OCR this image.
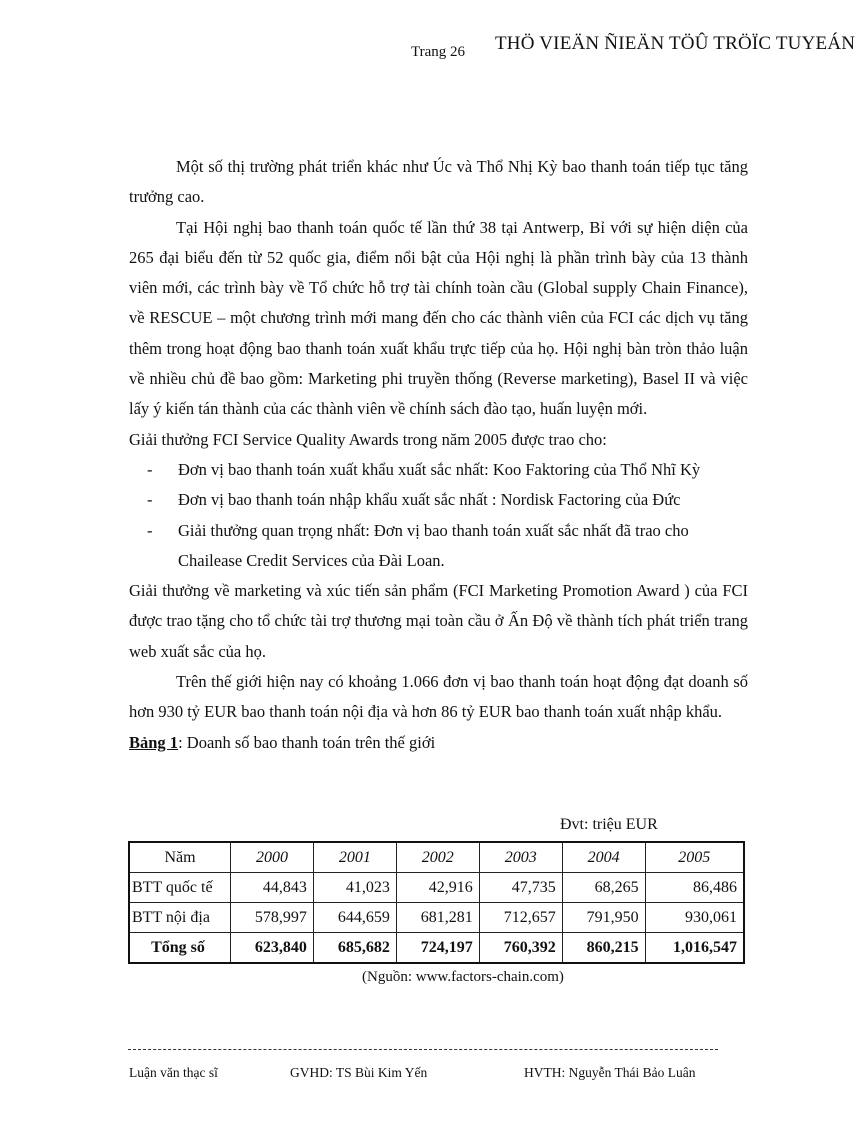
Trang 26 THÖ VIEÄN ÑIEÄN TÖÛ TRÖÏC TUYEÁN

Một số thị trường phát triển khác như Úc và Thổ Nhị Kỳ bao thanh toán tiếp tục tăng trưởng cao.

Tại Hội nghị bao thanh toán quốc tế lần thứ 38 tại Antwerp, Bỉ với sự hiện diện của 265 đại biểu đến từ 52 quốc gia, điểm nổi bật của Hội nghị là phần trình bày của 13 thành viên mới, các trình bày về Tổ chức hỗ trợ tài chính toàn cầu (Global supply Chain Finance), về RESCUE – một chương trình mới mang đến cho các thành viên của FCI các dịch vụ tăng thêm trong hoạt động bao thanh toán xuất khẩu trực tiếp của họ. Hội nghị bàn tròn thảo luận về nhiều chủ đề bao gồm: Marketing phi truyền thống (Reverse marketing), Basel II và việc lấy ý kiến tán thành của các thành viên về chính sách đào tạo, huấn luyện mới.

Giải thưởng FCI Service Quality Awards trong năm 2005 được trao cho:

- Đơn vị bao thanh toán xuất khẩu xuất sắc nhất: Koo Faktoring của Thổ Nhĩ Kỳ
- Đơn vị bao thanh toán nhập khẩu xuất sắc nhất : Nordisk Factoring của Đức
- Giải thưởng quan trọng nhất: Đơn vị bao thanh toán xuất sắc nhất đã trao cho
Chailease Credit Services của Đài Loan.

Giải thưởng về marketing và xúc tiến sản phẩm (FCI Marketing Promotion Award ) của FCI được trao tặng cho tổ chức tài trợ thương mại toàn cầu ở Ấn Độ về thành tích phát triển trang web xuất sắc của họ.

Trên thế giới hiện nay có khoảng 1.066 đơn vị bao thanh toán hoạt động đạt doanh số hơn 930 tỷ EUR bao thanh toán nội địa và hơn 86 tỷ EUR bao thanh toán xuất nhập khẩu.

Bảng 1: Doanh số bao thanh toán trên thế giới
Đvt: triệu EUR
Năm	2000	2001	2002	2003	2004	2005
BTT quốc tế	44,843	41,023	42,916	47,735	68,265	86,486
BTT nội địa	578,997	644,659	681,281	712,657	791,950	930,061
Tổng số	623,840	685,682	724,197	760,392	860,215	1,016,547
(Nguồn: www.factors-chain.com)
Luận văn thạc sĩ	GVHD: TS Bùi Kim Yến	HVTH: Nguyễn Thái Bảo Luân
